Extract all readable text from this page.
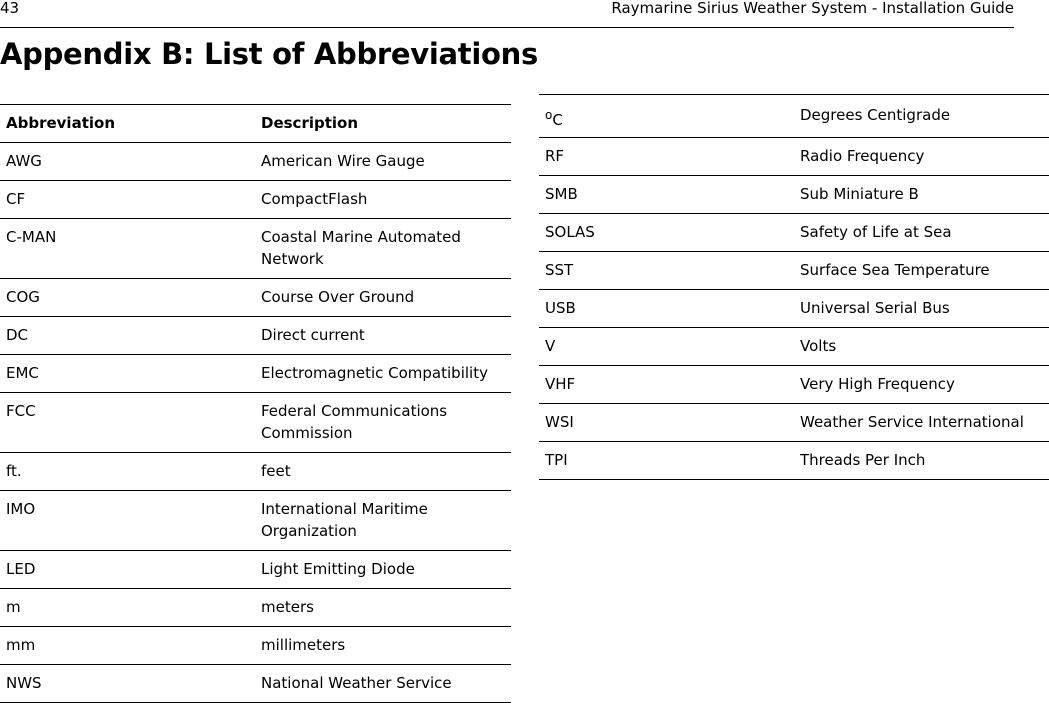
43	Raymarine Sirius Weather System - Installation Guide
Appendix B: List of Abbreviations
Abbreviation	Description
AWG	American Wire Gauge
CF	CompactFlash
C-MAN	Coastal Marine Automated Network
COG	Course Over Ground
DC	Direct current
EMC	Electromagnetic Compatibility
FCC	Federal Communications Commission
ft.	feet
IMO	International Maritime Organization
LED	Light Emitting Diode
m	meters
mm	millimeters
NWS	National Weather Service
$^o$C	Degrees Centigrade
RF	Radio Frequency
SMB	Sub Miniature B
SOLAS	Safety of Life at Sea
SST	Surface Sea Temperature
USB	Universal Serial Bus
V	Volts
VHF	Very High Frequency
WSI	Weather Service International
TPI	Threads Per Inch
